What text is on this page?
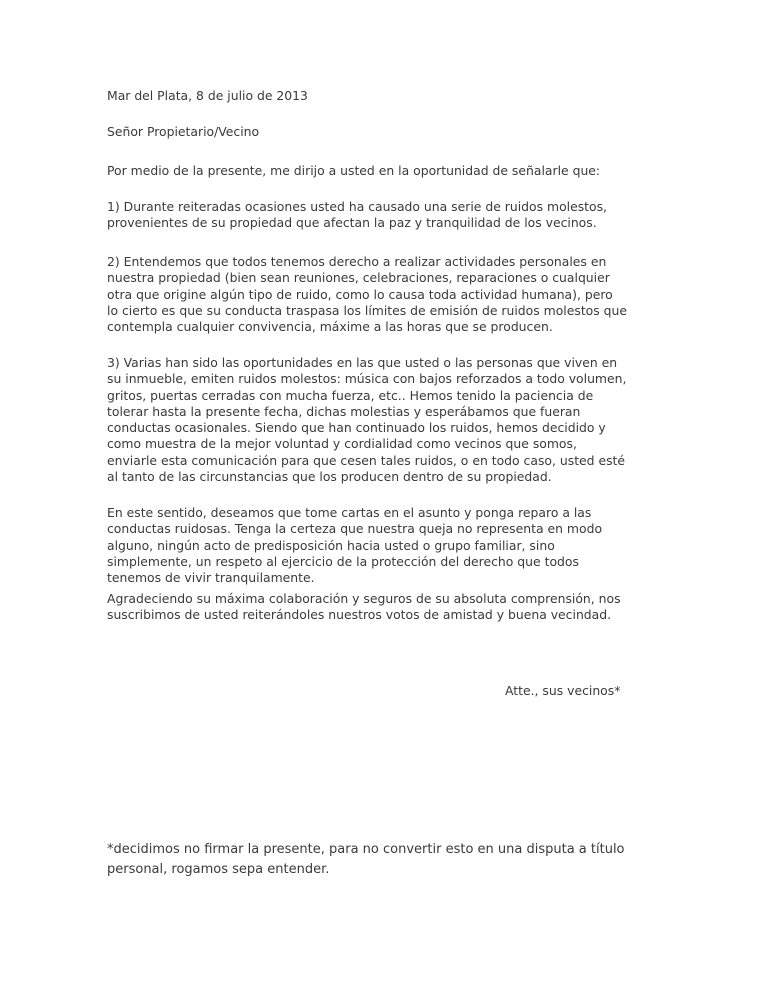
Mar del Plata, 8 de julio de 2013

Señor Propietario/Vecino

Por medio de la presente, me dirijo a usted en la oportunidad de señalarle que:

1) Durante reiteradas ocasiones usted ha causado una serie de ruidos molestos, provenientes de su propiedad que afectan la paz y tranquilidad de los vecinos.

2) Entendemos que todos tenemos derecho a realizar actividades personales en nuestra propiedad (bien sean reuniones, celebraciones, reparaciones o cualquier otra que origine algún tipo de ruido, como lo causa toda actividad humana), pero lo cierto es que su conducta traspasa los límites de emisión de ruidos molestos que contempla cualquier convivencia, máxime a las horas que se producen.

3) Varias han sido las oportunidades en las que usted o las personas que viven en su inmueble, emiten ruidos molestos: música con bajos reforzados a todo volumen, gritos, puertas cerradas con mucha fuerza, etc.. Hemos tenido la paciencia de tolerar hasta la presente fecha, dichas molestias y esperábamos que fueran conductas ocasionales. Siendo que han continuado los ruidos, hemos decidido y como muestra de la mejor voluntad y cordialidad como vecinos que somos, enviarle esta comunicación para que cesen tales ruidos, o en todo caso, usted esté al tanto de las circunstancias que los producen dentro de su propiedad.

En este sentido, deseamos que tome cartas en el asunto y ponga reparo a las conductas ruidosas. Tenga la certeza que nuestra queja no representa en modo alguno, ningún acto de predisposición hacia usted o grupo familiar, sino simplemente, un respeto al ejercicio de la protección del derecho que todos tenemos de vivir tranquilamente.

Agradeciendo su máxima colaboración y seguros de su absoluta comprensión, nos suscribimos de usted reiterándoles nuestros votos de amistad y buena vecindad.

Atte., sus vecinos*

*decidimos no firmar la presente, para no convertir esto en una disputa a título personal, rogamos sepa entender.
